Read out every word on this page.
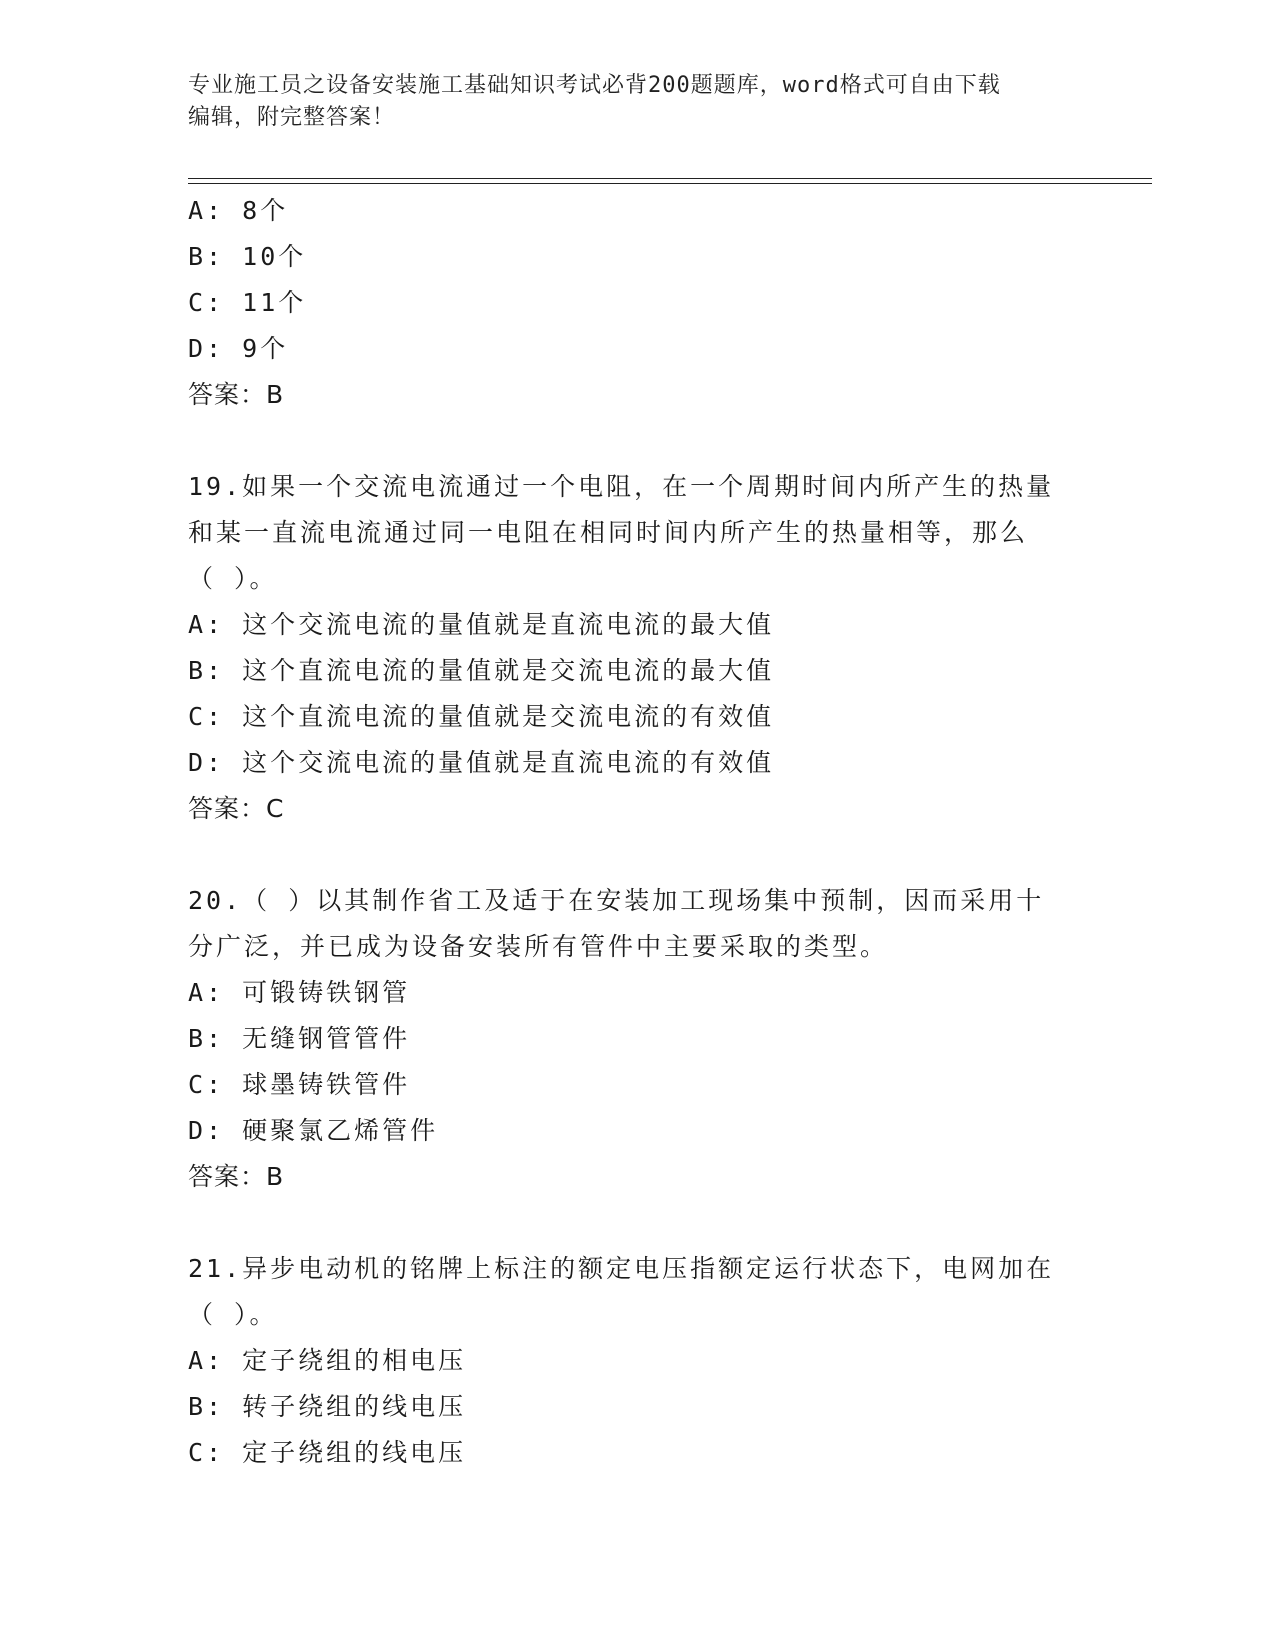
专业施工员之设备安装施工基础知识考试必背200题题库，word格式可自由下载
编辑，附完整答案！
A: 8个
B: 10个
C: 11个
D: 9个
答案：B
19.如果一个交流电流通过一个电阻，在一个周期时间内所产生的热量
和某一直流电流通过同一电阻在相同时间内所产生的热量相等，那么
（ ）。
A: 这个交流电流的量值就是直流电流的最大值
B: 这个直流电流的量值就是交流电流的最大值
C: 这个直流电流的量值就是交流电流的有效值
D: 这个交流电流的量值就是直流电流的有效值
答案：C
20.（ ）以其制作省工及适于在安装加工现场集中预制，因而采用十
分广泛，并已成为设备安装所有管件中主要采取的类型。
A: 可锻铸铁钢管
B: 无缝钢管管件
C: 球墨铸铁管件
D: 硬聚氯乙烯管件
答案：B
21.异步电动机的铭牌上标注的额定电压指额定运行状态下，电网加在
（ ）。
A: 定子绕组的相电压
B: 转子绕组的线电压
C: 定子绕组的线电压
